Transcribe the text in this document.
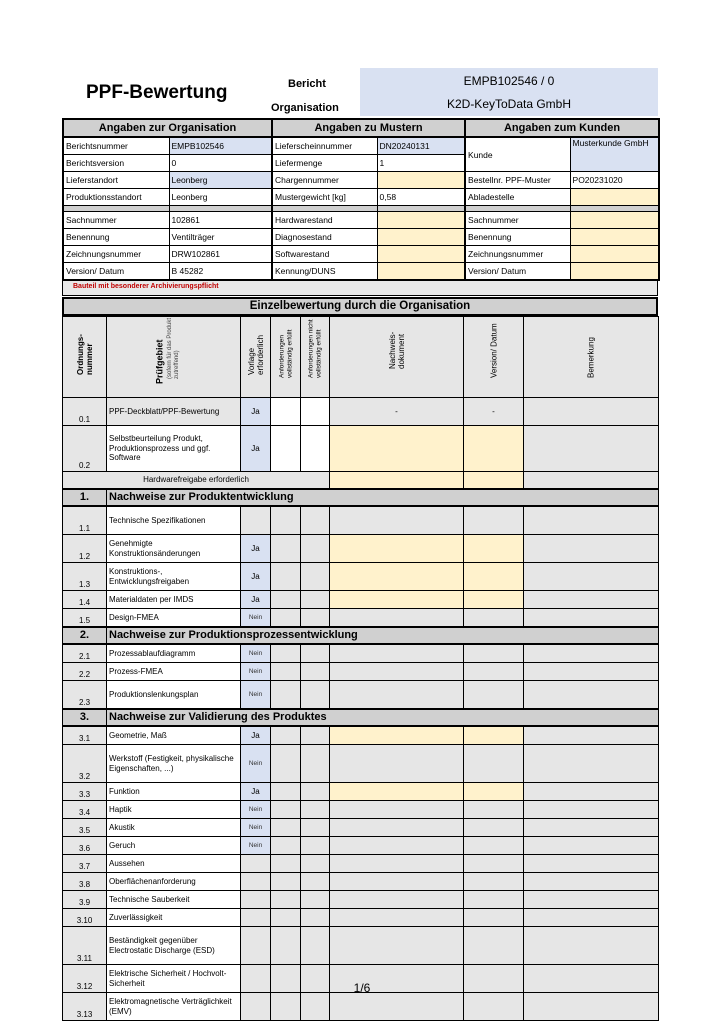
PPF-Bewertung	Bericht
Organisation
EMPB102546 / 0
K2D-KeyToData GmbH
Angaben zur Organisation		Angaben zu Mustern		Angaben zum Kunden	
Berichtsnummer	EMPB102546	Lieferscheinnummer	DN20240131	Kunde	Musterkunde GmbH
Berichtsversion	0	Liefermenge	1		
Lieferstandort	Leonberg	Chargennummer		Bestellnr. PPF-Muster	PO20231020
Produktionsstandort	Leonberg	Mustergewicht [kg]	0,58	Abladestelle	

Sachnummer	102861	Hardwarestand		Sachnummer	
Benennung	Ventilträger	Diagnosestand		Benennung	
Zeichnungsnummer	DRW102861	Softwarestand		Zeichnungsnummer	
Version/ Datum	B 45282	Kennung/DUNS		Version/ Datum	
Bauteil mit besonderer Archivierungspflicht
Einzelbewertung durch die Organisation
Ordnungs- nummer	Prüfgebiet (sofern für das Produkt zutreffend)	Vorlage erforderlich	Anforderungen vollständig erfüllt	Anforderungen nicht vollständig erfüllt	Nachweis- dokument	Version/ Datum	Bemerkung

0.1	PPF-Deckblatt/PPF-Bewertung	Ja			-	-	
0.2	Selbstbeurteilung Produkt, Produktionsprozess und ggf. Software	Ja					
Hardwarefreigabe erforderlich							
1.	Nachweise zur Produktentwicklung						
1.1	Technische Spezifikationen						
1.2	Genehmigte Konstruktionsänderungen	Ja					
1.3	Konstruktions-, Entwicklungsfreigaben	Ja					
1.4	Materialdaten per IMDS	Ja					
1.5	Design-FMEA	Nein					
2.	Nachweise zur Produktionsprozessentwicklung						
2.1	Prozessablaufdiagramm	Nein					
2.2	Prozess-FMEA	Nein					
2.3	Produktionslenkungsplan	Nein					
3.	Nachweise zur Validierung des Produktes						
3.1	Geometrie, Maß	Ja					
3.2	Werkstoff (Festigkeit, physikalische Eigenschaften, ...)	Nein					
3.3	Funktion	Ja					
3.4	Haptik	Nein					
3.5	Akustik	Nein					
3.6	Geruch	Nein					
3.7	Aussehen						
3.8	Oberflächenanforderung						
3.9	Technische Sauberkeit						
3.10	Zuverlässigkeit						
3.11	Beständigkeit gegenüber Electrostatic Discharge (ESD)						
3.12	Elektrische Sicherheit / Hochvolt-Sicherheit						
3.13	Elektromagnetische Verträglichkeit (EMV)						
1/6
